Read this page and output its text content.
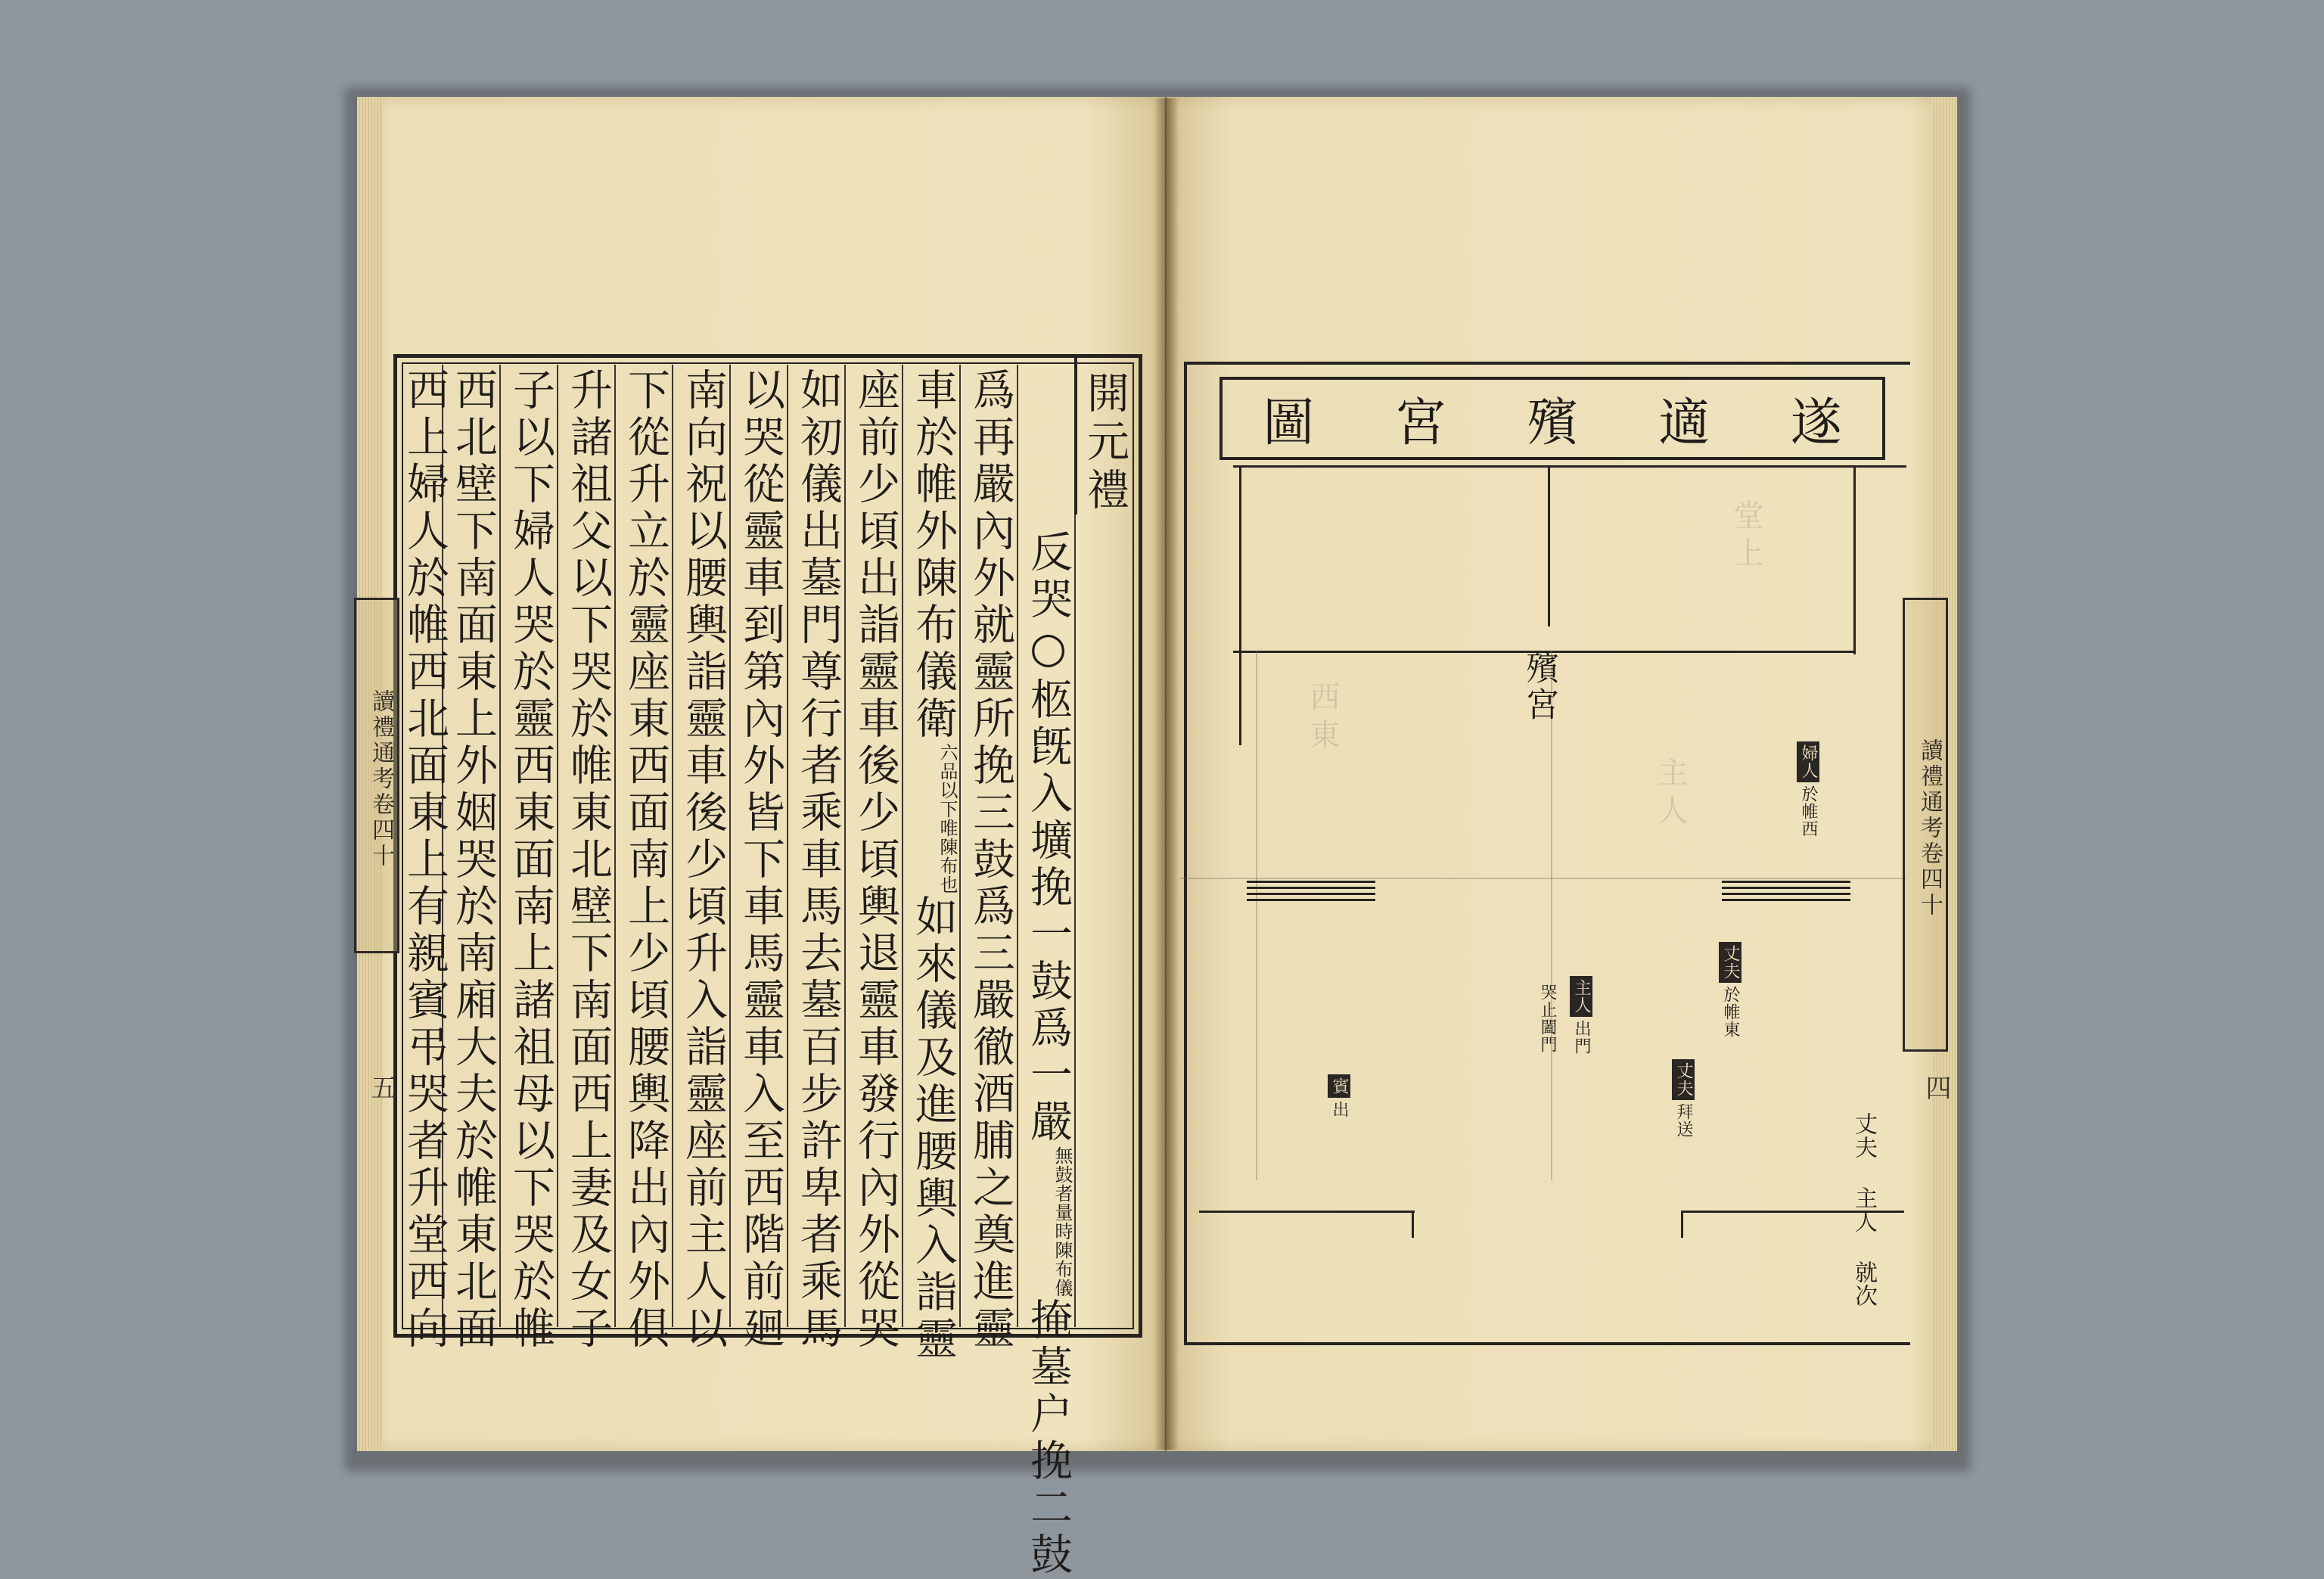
開元禮
反哭○柩旣入壙挽一鼓爲一嚴無鼓者量時陳布儀掩墓户挽二鼓
爲再嚴內外就靈所挽三鼓爲三嚴徹酒脯之奠進靈
車於帷外陳布儀衛六品以下唯陳布也如來儀及進腰輿入詣靈
座前少頃出詣靈車後少頃輿退靈車發行內外從哭
如初儀出墓門尊行者乘車馬去墓百步許卑者乘馬
以哭從靈車到第內外皆下車馬靈車入至西階前廻
南向祝以腰輿詣靈車後少頃升入詣靈座前主人以
下從升立於靈座東西面南上少頃腰輿降出內外俱
升諸祖父以下哭於帷東北壁下南面西上妻及女子
子以下婦人哭於靈西東面南上諸祖母以下哭於帷
西北壁下南面東上外姻哭於南廂大夫於帷東北面
西上婦人於帷西北面東上有親賓弔哭者升堂西向
讀禮通考卷四十
五
堂上
西東
主人
遂
適
殯
宮
圖
殯宮
婦人
於帷西
丈夫
於帷東
主人
出門
哭止闔門
丈夫
拜送
賓
出
丈夫 主人 就次
讀禮通考卷四十
四
